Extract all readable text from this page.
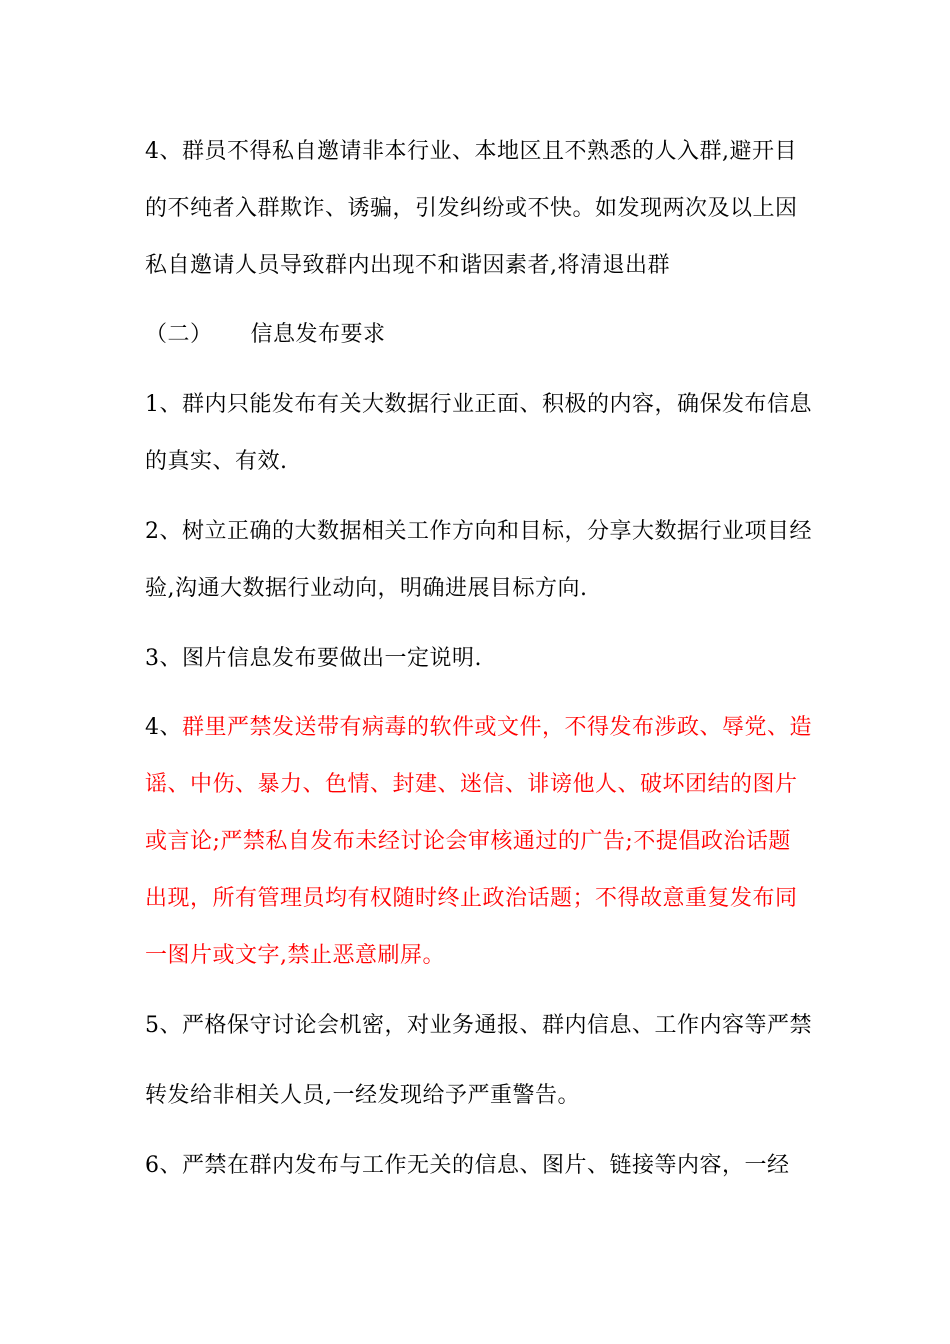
4、群员不得私自邀请非本行业、本地区且不熟悉的人入群,避开目
的不纯者入群欺诈、诱骗，引发纠纷或不快。如发现两次及以上因
私自邀请人员导致群内出现不和谐因素者,将清退出群
（二） 信息发布要求
1、群内只能发布有关大数据行业正面、积极的内容，确保发布信息
的真实、有效.
2、树立正确的大数据相关工作方向和目标，分享大数据行业项目经
验,沟通大数据行业动向，明确进展目标方向.
3、图片信息发布要做出一定说明.
4、群里严禁发送带有病毒的软件或文件，不得发布涉政、辱党、造
谣、中伤、暴力、色情、封建、迷信、诽谤他人、破坏团结的图片
或言论;严禁私自发布未经讨论会审核通过的广告;不提倡政治话题
出现，所有管理员均有权随时终止政治话题；不得故意重复发布同
一图片或文字,禁止恶意刷屏。
5、严格保守讨论会机密，对业务通报、群内信息、工作内容等严禁
转发给非相关人员,一经发现给予严重警告。
6、严禁在群内发布与工作无关的信息、图片、链接等内容，一经
